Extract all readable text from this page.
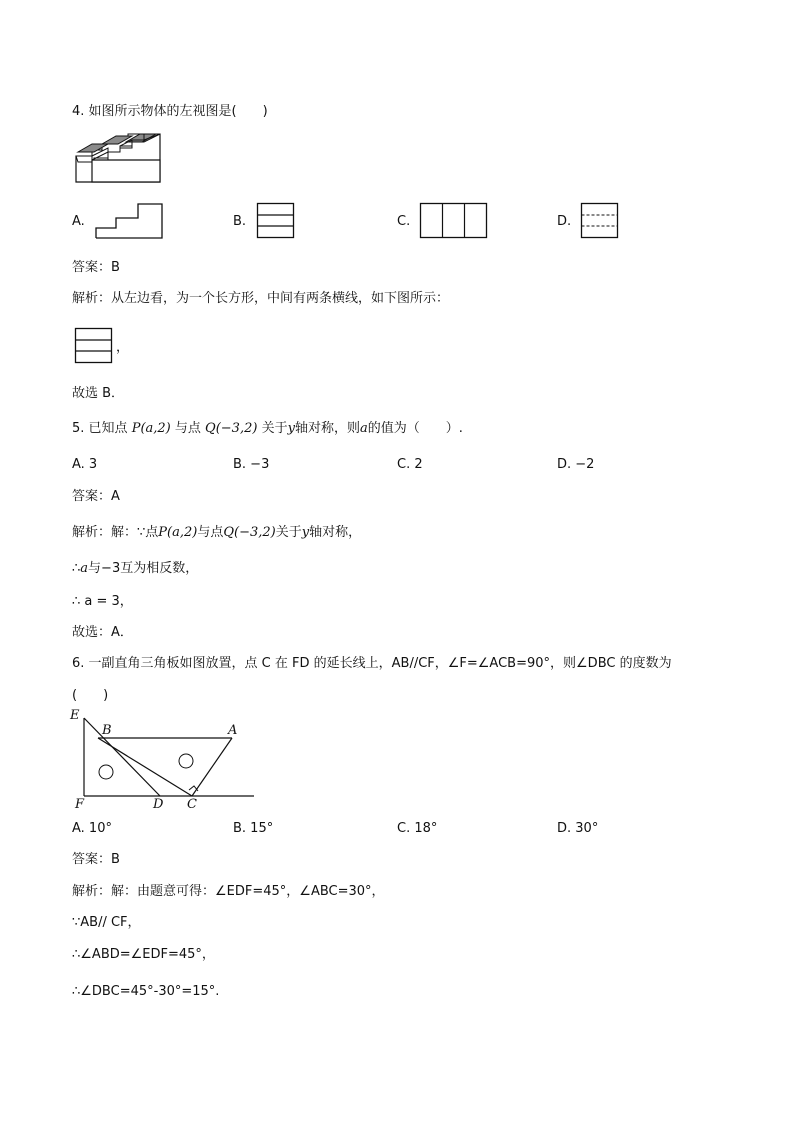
4. 如图所示物体的左视图是(　　)
A.	B.	C.	D.
答案：B
解析：从左边看，为一个长方形，中间有两条横线，如下图所示：
，
故选 B．
5. 已知点 P(a,2) 与点 Q(−3,2) 关于y轴对称，则a的值为（　　）.
A. 3	B. −3	C. 2	D. −2
答案：A
解析：解：∵点P(a,2)与点Q(−3,2)关于y轴对称，
∴a与−3互为相反数，
∴ a = 3，
故选：A．
6. 一副直角三角板如图放置，点 C 在 FD 的延长线上，AB//CF，∠F=∠ACB=90°，则∠DBC 的度数为
(　　)
E
B	A
F	D C
A. 10°	B. 15°	C. 18°	D. 30°
答案：B
解析：解：由题意可得：∠EDF=45°，∠ABC=30°，
∵AB// CF，
∴∠ABD=∠EDF=45°，
∴∠DBC=45°-30°=15°.
